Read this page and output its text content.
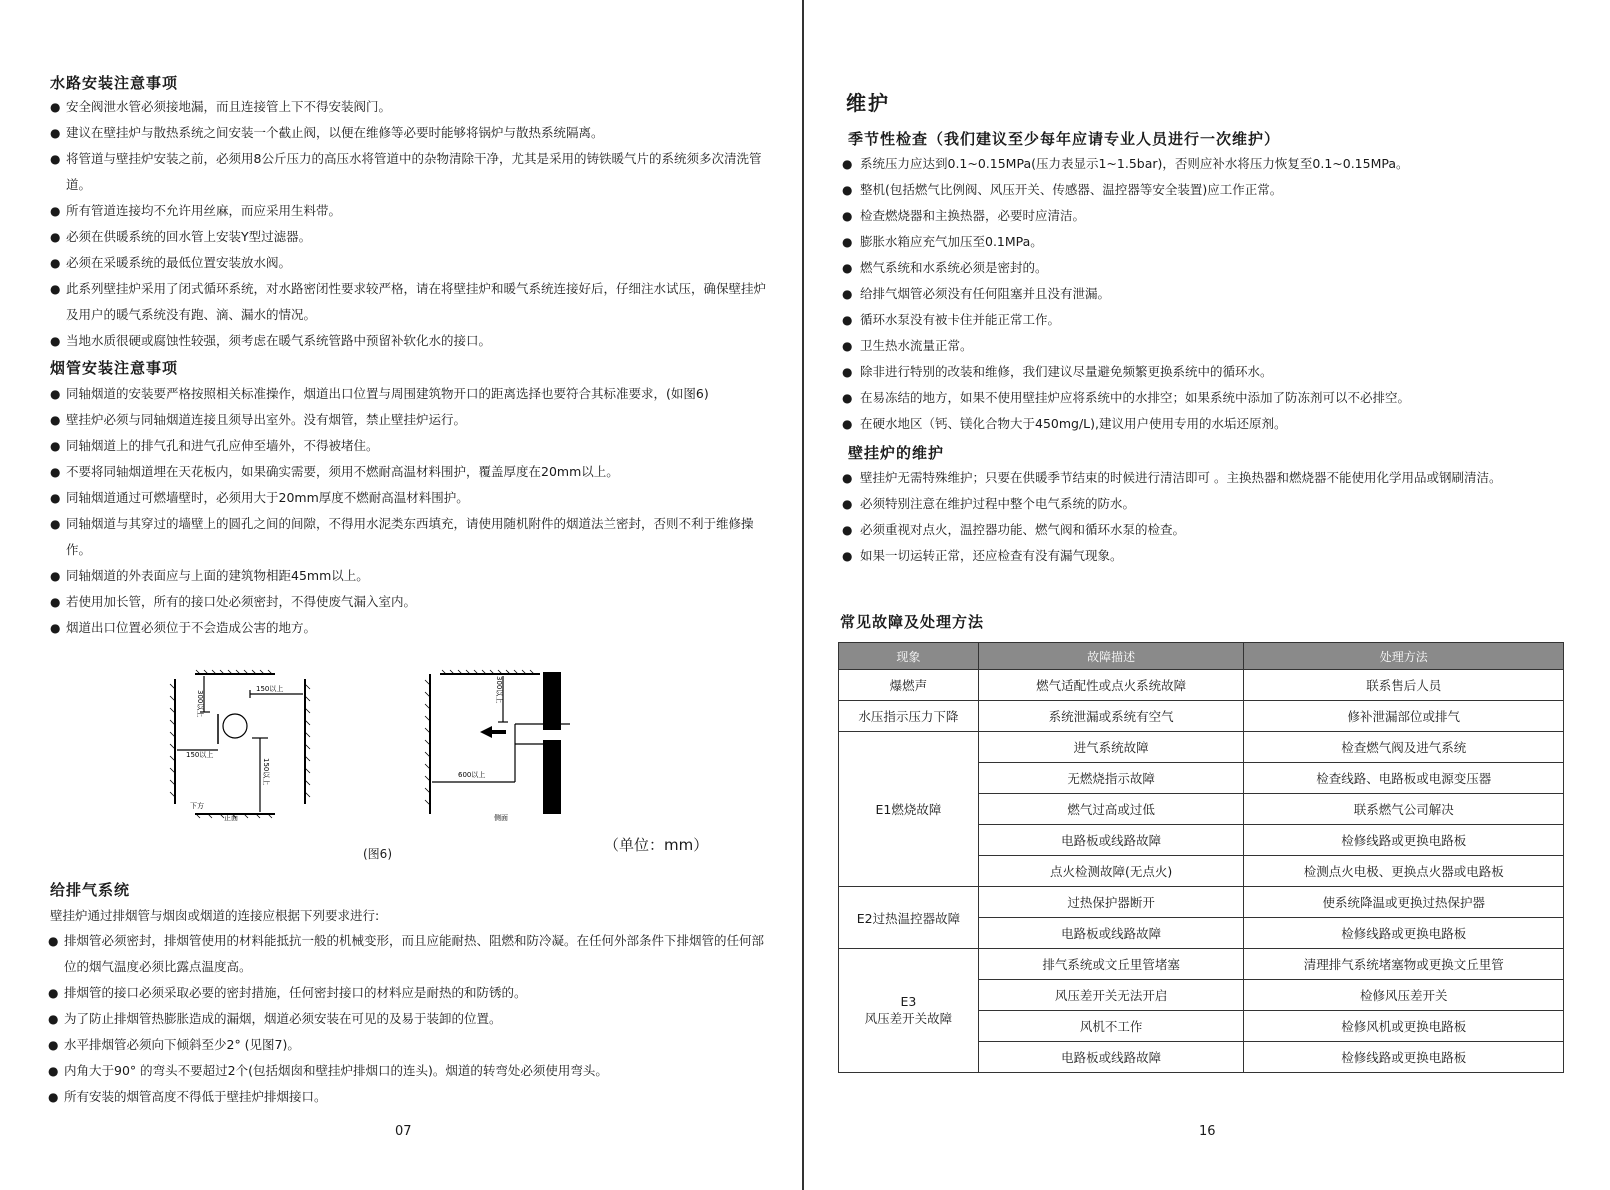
水路安装注意事项
● 安全阀泄水管必须接地漏，而且连接管上下不得安装阀门。
● 建议在壁挂炉与散热系统之间安装一个截止阀，以便在维修等必要时能够将锅炉与散热系统隔离。
● 将管道与壁挂炉安装之前，必须用8公斤压力的高压水将管道中的杂物清除干净，尤其是采用的铸铁暖气片的系统须多次清洗管道。
● 所有管道连接均不允许用丝麻，而应采用生料带。
● 必须在供暖系统的回水管上安装Y型过滤器。
● 必须在采暖系统的最低位置安装放水阀。
● 此系列壁挂炉采用了闭式循环系统，对水路密闭性要求较严格，请在将壁挂炉和暖气系统连接好后，仔细注水试压，确保壁挂炉及用户的暖气系统没有跑、滴、漏水的情况。
● 当地水质很硬或腐蚀性较强，须考虑在暖气系统管路中预留补软化水的接口。
烟管安装注意事项
● 同轴烟道的安装要严格按照相关标准操作，烟道出口位置与周围建筑物开口的距离选择也要符合其标准要求，(如图6)
● 壁挂炉必须与同轴烟道连接且须导出室外。没有烟管，禁止壁挂炉运行。
● 同轴烟道上的排气孔和进气孔应伸至墙外，不得被堵住。
● 不要将同轴烟道埋在天花板内，如果确实需要，须用不燃耐高温材料围护，覆盖厚度在20mm以上。
● 同轴烟道通过可燃墙壁时，必须用大于20mm厚度不燃耐高温材料围护。
● 同轴烟道与其穿过的墙壁上的圆孔之间的间隙，不得用水泥类东西填充，请使用随机附件的烟道法兰密封，否则不利于维修操作。
● 同轴烟道的外表面应与上面的建筑物相距45mm以上。
● 若使用加长管，所有的接口处必须密封，不得使废气漏入室内。
● 烟道出口位置必须位于不会造成公害的地方。
300以上
150以上
150以上
150以上
下方
正面
300以上
600以上
侧面
(图6)	（单位：mm）
给排气系统
壁挂炉通过排烟管与烟囱或烟道的连接应根据下列要求进行:
● 排烟管必须密封，排烟管使用的材料能抵抗一般的机械变形，而且应能耐热、阻燃和防冷凝。在任何外部条件下排烟管的任何部位的烟气温度必须比露点温度高。
● 排烟管的接口必须采取必要的密封措施，任何密封接口的材料应是耐热的和防锈的。
● 为了防止排烟管热膨胀造成的漏烟，烟道必须安装在可见的及易于装卸的位置。
● 水平排烟管必须向下倾斜至少2° (见图7)。
● 内角大于90° 的弯头不要超过2个(包括烟囱和壁挂炉排烟口的连头)。烟道的转弯处必须使用弯头。
● 所有安装的烟管高度不得低于壁挂炉排烟接口。
07
维护
季节性检查（我们建议至少每年应请专业人员进行一次维护）
● 系统压力应达到0.1~0.15MPa(压力表显示1~1.5bar)，否则应补水将压力恢复至0.1~0.15MPa。
● 整机(包括燃气比例阀、风压开关、传感器、温控器等安全装置)应工作正常。
● 检查燃烧器和主换热器，必要时应清洁。
● 膨胀水箱应充气加压至0.1MPa。
● 燃气系统和水系统必须是密封的。
● 给排气烟管必须没有任何阻塞并且没有泄漏。
● 循环水泵没有被卡住并能正常工作。
● 卫生热水流量正常。
● 除非进行特别的改装和维修，我们建议尽量避免频繁更换系统中的循环水。
● 在易冻结的地方，如果不使用壁挂炉应将系统中的水排空；如果系统中添加了防冻剂可以不必排空。
● 在硬水地区（钙、镁化合物大于450mg/L),建议用户使用专用的水垢还原剂。
壁挂炉的维护
● 壁挂炉无需特殊维护；只要在供暖季节结束的时候进行清洁即可 。主换热器和燃烧器不能使用化学用品或钢刷清洁。
● 必须特别注意在维护过程中整个电气系统的防水。
● 必须重视对点火，温控器功能、燃气阀和循环水泵的检查。
● 如果一切运转正常，还应检查有没有漏气现象。
常见故障及处理方法
现象	故障描述	处理方法
爆燃声	燃气适配性或点火系统故障	联系售后人员
水压指示压力下降	系统泄漏或系统有空气	修补泄漏部位或排气
E1燃烧故障	进气系统故障	检查燃气阀及进气系统
	无燃烧指示故障	检查线路、电路板或电源变压器
	燃气过高或过低	联系燃气公司解决
	电路板或线路故障	检修线路或更换电路板
	点火检测故障(无点火)	检测点火电极、更换点火器或电路板
E2过热温控器故障	过热保护器断开	使系统降温或更换过热保护器
	电路板或线路故障	检修线路或更换电路板

E3
风压差开关故障	排气系统或文丘里管堵塞	清理排气系统堵塞物或更换文丘里管
	风压差开关无法开启	检修风压差开关
	风机不工作	检修风机或更换电路板
	电路板或线路故障	检修线路或更换电路板
16
